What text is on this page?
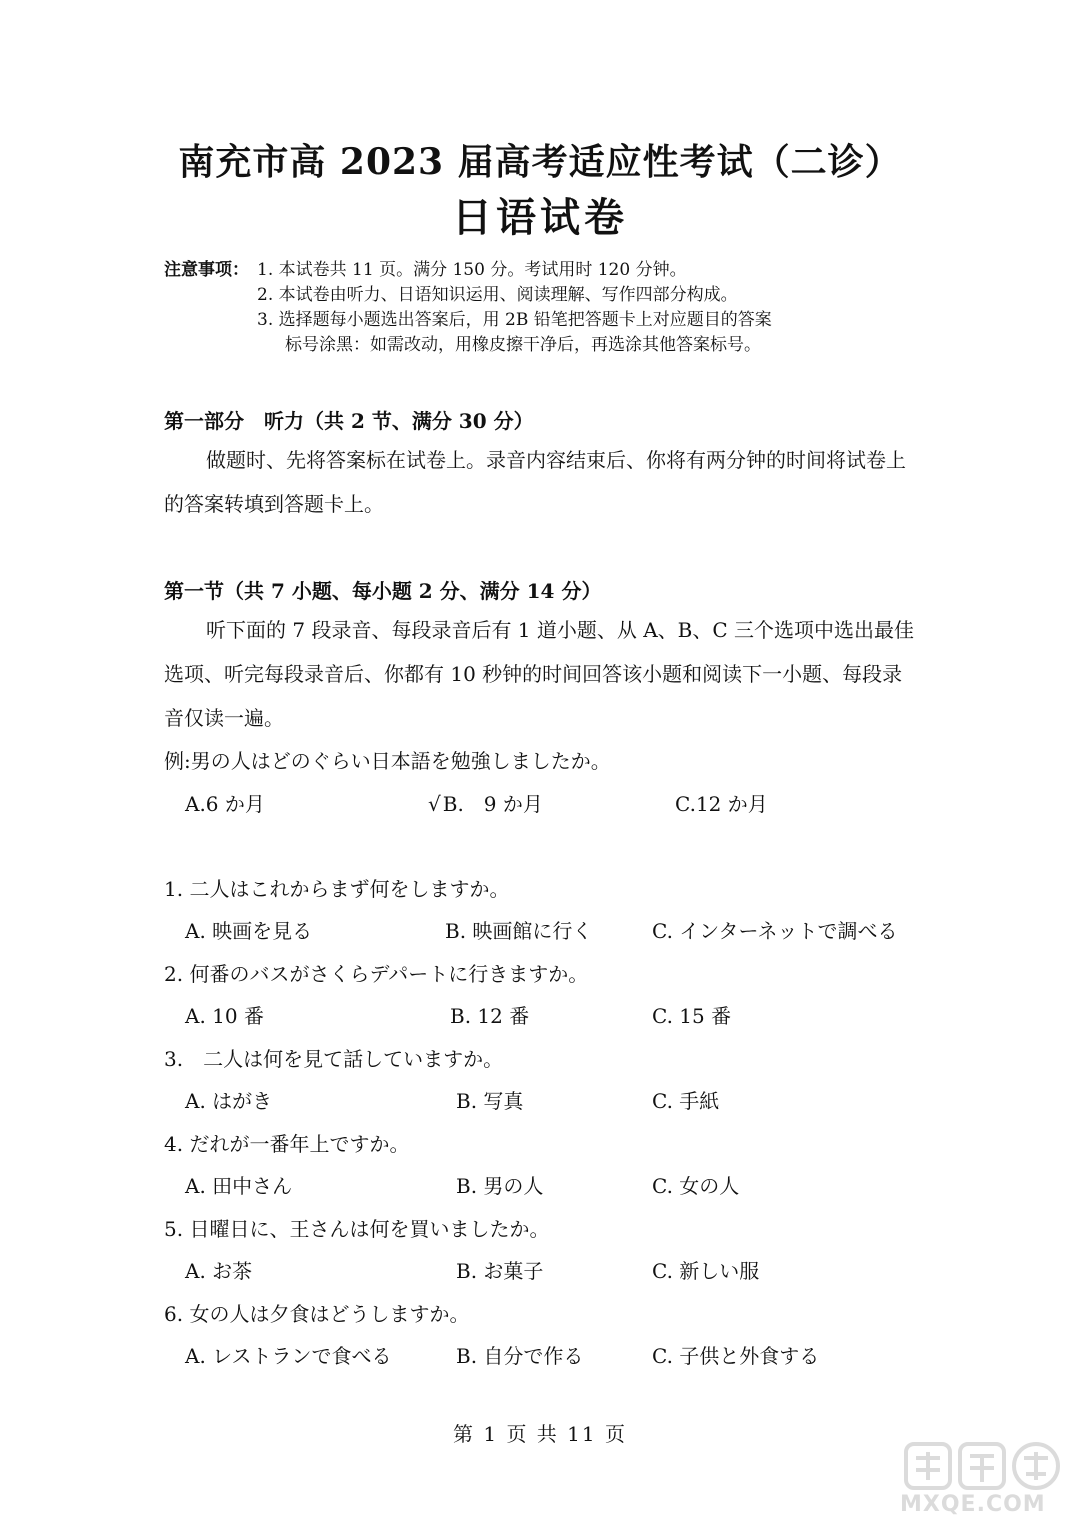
南充市高 2023 届高考适应性考试（二诊）
日语试卷
注意事项： 1. 本试卷共 11 页。满分 150 分。考试用时 120 分钟。
2. 本试卷由听力、日语知识运用、阅读理解、写作四部分构成。
3. 选择题每小题选出答案后，用 2B 铅笔把答题卡上对应题目的答案
标号涂黑：如需改动，用橡皮擦干净后，再选涂其他答案标号。
第一部分　听力（共 2 节、满分 30 分）
做题时、先将答案标在试卷上。录音内容结束后、你将有两分钟的时间将试卷上的答案转填到答题卡上。
第一节（共 7 小题、每小题 2 分、满分 14 分）
听下面的 7 段录音、每段录音后有 1 道小题、从 A、B、C 三个选项中选出最佳选项、听完每段录音后、你都有 10 秒钟的时间回答该小题和阅读下一小题、每段录音仅读一遍。
例:男の人はどのぐらい日本語を勉強しましたか。
A.6 か月	√ B.　9 か月	C.12 か月
1. 二人はこれからまず何をしますか。
A. 映画を見る	B. 映画館に行く	C. インターネットで調べる
2. 何番のバスがさくらデパートに行きますか。
A. 10 番	B. 12 番	C. 15 番
3.　二人は何を見て話していますか。
A. はがき	B. 写真	C. 手紙
4. だれが一番年上ですか。
A. 田中さん	B. 男の人	C. 女の人
5. 日曜日に、王さんは何を買いましたか。
A. お茶	B. お菓子	C. 新しい服
6. 女の人は夕食はどうしますか。
A. レストランで食べる	B. 自分で作る	C. 子供と外食する
第 1 页 共 11 页
MXQE.COM
